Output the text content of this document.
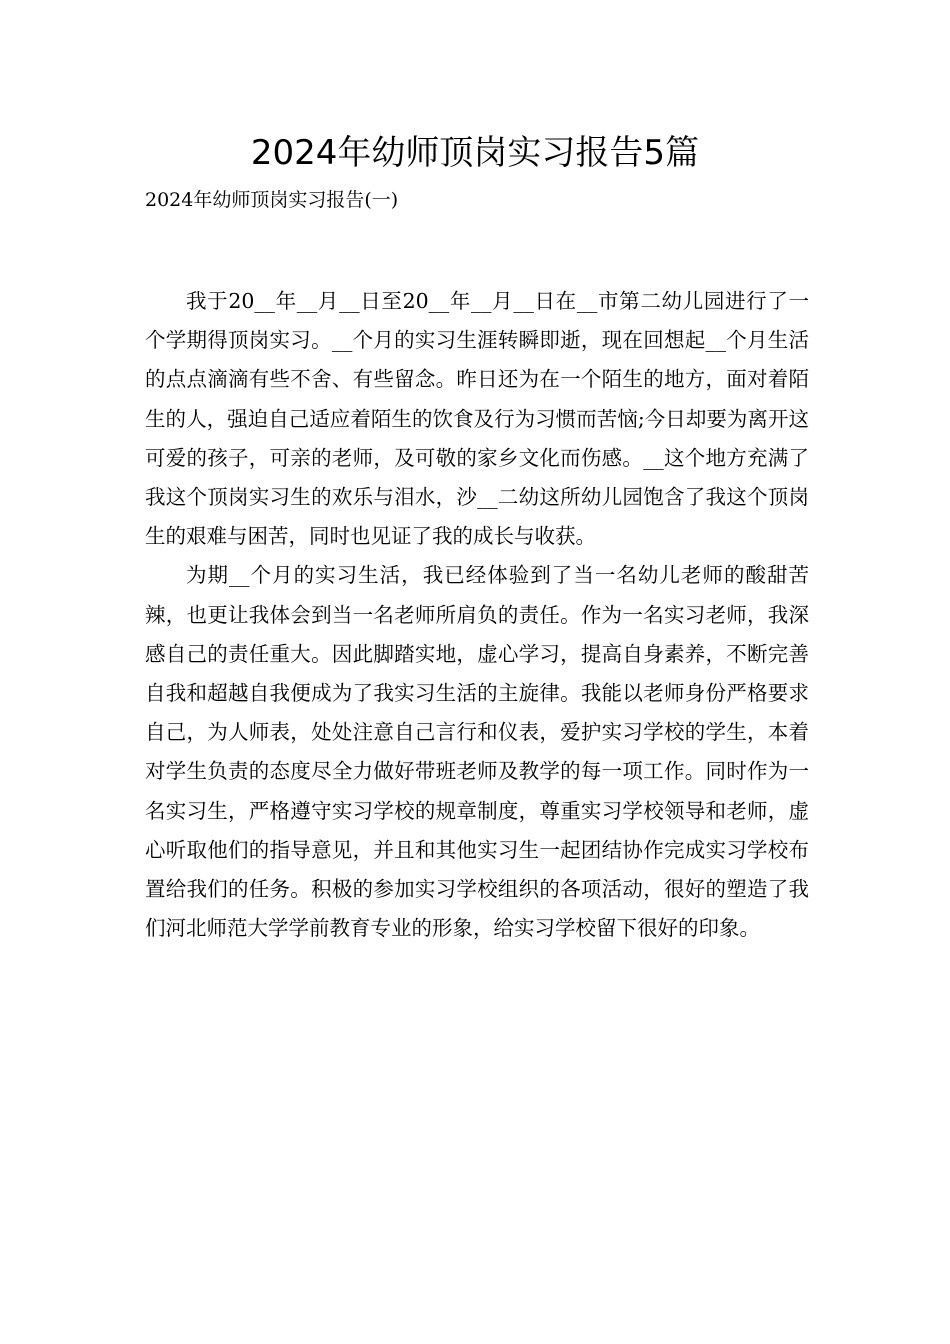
2024年幼师顶岗实习报告5篇
2024年幼师顶岗实习报告(一)

我于20__年__月__日至20__年__月__日在__市第二幼儿园进行了一个学期得顶岗实习。__个月的实习生涯转瞬即逝，现在回想起__个月生活的点点滴滴有些不舍、有些留念。昨日还为在一个陌生的地方，面对着陌生的人，强迫自己适应着陌生的饮食及行为习惯而苦恼;今日却要为离开这可爱的孩子，可亲的老师，及可敬的家乡文化而伤感。__这个地方充满了我这个顶岗实习生的欢乐与泪水，沙__二幼这所幼儿园饱含了我这个顶岗生的艰难与困苦，同时也见证了我的成长与收获。

为期__个月的实习生活，我已经体验到了当一名幼儿老师的酸甜苦辣，也更让我体会到当一名老师所肩负的责任。作为一名实习老师，我深感自己的责任重大。因此脚踏实地，虚心学习，提高自身素养，不断完善自我和超越自我便成为了我实习生活的主旋律。我能以老师身份严格要求自己，为人师表，处处注意自己言行和仪表，爱护实习学校的学生，本着对学生负责的态度尽全力做好带班老师及教学的每一项工作。同时作为一名实习生，严格遵守实习学校的规章制度，尊重实习学校领导和老师，虚心听取他们的指导意见，并且和其他实习生一起团结协作完成实习学校布置给我们的任务。积极的参加实习学校组织的各项活动，很好的塑造了我们河北师范大学学前教育专业的形象，给实习学校留下很好的印象。
